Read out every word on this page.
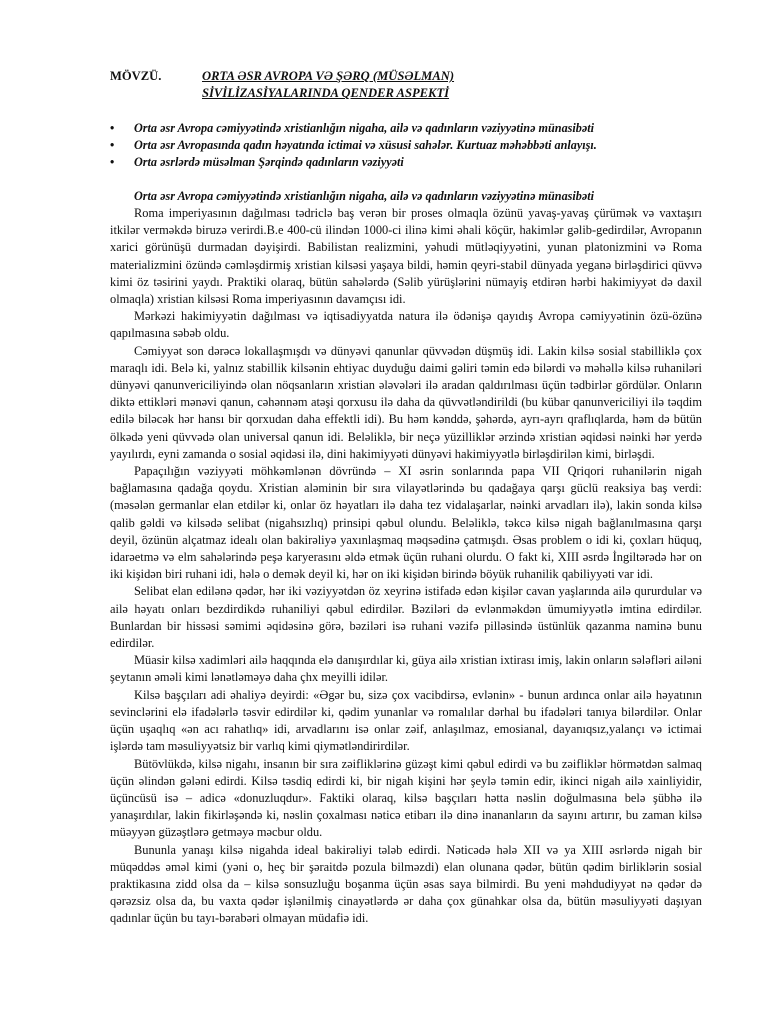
MÖVZÜ.	ORTA ƏSR AVROPA VƏ ŞƏRQ (MÜSƏLMAN)
SİVİLİZASİYALARINDA QENDER ASPEKTİ
• Orta əsr Avropa cəmiyyətində xristianlığın nigaha, ailə və qadınların vəziyyətinə münasibəti
• Orta əsr Avropasında qadın həyatında ictimai və xüsusi sahələr. Kurtuaz məhəbbəti anlayışı.
• Orta əsrlərdə müsəlman Şərqində qadınların vəziyyəti
Orta əsr Avropa cəmiyyətində xristianlığın nigaha, ailə və qadınların vəziyyətinə münasibəti

Roma imperiyasının dağılması tədriclə baş verən bir proses olmaqla özünü yavaş-yavaş çürümək və vaxtaşırı itkilər verməkdə biruzə verirdi.B.e 400-cü ilindən 1000-ci ilinə kimi əhali köçür, hakimlər gəlib-gedirdilər, Avropanın xarici görünüşü durmadan dəyişirdi. Babilistan realizmini, yəhudi mütləqiyyətini, yunan platonizmini və Roma materializmini özündə cəmləşdirmiş xristian kilsəsi yaşaya bildi, həmin qeyri-stabil dünyada yeganə birləşdirici qüvvə kimi öz təsirini yaydı. Praktiki olaraq, bütün sahələrdə (Səlib yürüşlərini nümayiş etdirən hərbi hakimiyyət də daxil olmaqla) xristian kilsəsi Roma imperiyasının davamçısı idi.

Mərkəzi hakimiyyətin dağılması və iqtisadiyyatda natura ilə ödənişə qayıdış Avropa cəmiyyətinin özü-özünə qapılmasına səbəb oldu.

Cəmiyyət son dərəcə lokallaşmışdı və dünyəvi qanunlar qüvvədən düşmüş idi. Lakin kilsə sosial stabilliklə çox maraqlı idi. Belə ki, yalnız stabillik kilsənin ehtiyac duyduğu daimi gəliri təmin edə bilərdi və məhəllə kilsə ruhaniləri dünyəvi qanunvericiliyində olan nöqsanların xristian ələvələri ilə aradan qaldırılması üçün tədbirlər gördülər. Onların diktə ettikləri mənəvi qanun, cəhənnəm atəşi qorxusu ilə daha da qüvvətləndirildi (bu kübar qanunvericiliyi ilə təqdim edilə biləcək hər hansı bir qorxudan daha effektli idi). Bu həm kənddə, şəhərdə, ayrı-ayrı qraflıqlarda, həm də bütün ölkədə yeni qüvvədə olan universal qanun idi. Beləliklə, bir neçə yüzilliklər ərzində xristian əqidəsi nəinki hər yerdə yayılırdı, eyni zamanda o sosial əqidəsi ilə, dini hakimiyyəti dünyəvi hakimiyyətlə birləşdirilən kimi, birləşdi.

Papaçılığın vəziyyəti möhkəmlənən dövründə – XI əsrin sonlarında papa VII Qriqori ruhanilərin nigah bağlamasına qadağa qoydu. Xristian aləminin bir sıra vilayətlərində bu qadağaya qarşı güclü reaksiya baş verdi: (məsələn germanlar elan etdilər ki, onlar öz həyatları ilə daha tez vidalaşarlar, nəinki arvadları ilə), lakin sonda kilsə qalib gəldi və kilsədə selibat (nigahsızlıq) prinsipi qəbul olundu. Beləliklə, təkcə kilsə nigah bağlanılmasına qarşı deyil, özünün alçatmaz idealı olan bakirəliyə yaxınlaşmaq məqsədinə çatmışdı. Əsas problem o idi ki, çoxları hüquq, idarəetmə və elm sahələrində peşə karyerasını əldə etmək üçün ruhani olurdu. O fakt ki, XIII əsrdə İngiltərədə hər on iki kişidən biri ruhani idi, hələ o demək deyil ki, hər on iki kişidən birində böyük ruhanilik qabiliyyəti var idi.

Selibat elan edilənə qədər, hər iki vəziyyətdən öz xeyrinə istifadə edən kişilər cavan yaşlarında ailə qururdular və ailə həyatı onları bezdirdikdə ruhaniliyi qəbul edirdilər. Bəziləri də evlənməkdən ümumiyyətlə imtina edirdilər. Bunlardan bir hissəsi səmimi əqidəsinə görə, bəziləri isə ruhani vəzifə pilləsində üstünlük qazanma naminə bunu edirdilər.

Müasir kilsə xadimləri ailə haqqında elə danışırdılar ki, güya ailə xristian ixtirası imiş, lakin onların sələfləri ailəni şeytanın əməli kimi lənətləməyə daha çhx meyilli idilər.

Kilsə başçıları adi əhaliyə deyirdi: «Əgər bu, sizə çox vacibdirsə, evlənin» - bunun ardınca onlar ailə həyatının sevinclərini elə ifadələrlə təsvir edirdilər ki, qədim yunanlar və romalılar dərhal bu ifadələri tanıya bilərdilər. Onlar üçün uşaqlıq «ən acı rahatlıq» idi, arvadlarını isə onlar zəif, anlaşılmaz, emosianal, dayanıqsız,yalançı və ictimai işlərdə tam məsuliyyətsiz bir varlıq kimi qiymətləndirirdilər.

Bütövlükdə, kilsə nigahı, insanın bir sıra zəifliklərinə güzəşt kimi qəbul edirdi və bu zəifliklər hörmətdən salmaq üçün əlindən gələni edirdi. Kilsə təsdiq edirdi ki, bir nigah kişini hər şeylə təmin edir, ikinci nigah ailə xainliyidir, üçüncüsü isə – adicə «donuzluqdur». Faktiki olaraq, kilsə başçıları hətta nəslin doğulmasına belə şübhə ilə yanaşırdılar, lakin fikirləşəndə ki, nəslin çoxalması nəticə etibarı ilə dinə inananların da sayını artırır, bu zaman kilsə müəyyən güzəştlərə getməyə məcbur oldu.

Bununla yanaşı kilsə nigahda ideal bakirəliyi tələb edirdi. Nəticədə hələ XII və ya XIII əsrlərdə nigah bir müqəddəs əməl kimi (yəni o, heç bir şəraitdə pozula bilməzdi) elan olunana qədər, bütün qədim birliklərin sosial praktikasına zidd olsa da – kilsə sonsuzluğu boşanma üçün əsas saya bilmirdi. Bu yeni məhdudiyyət nə qədər də qərəzsiz olsa da, bu vaxta qədər işlənilmiş cinayətlərdə ər daha çox günahkar olsa da, bütün məsuliyyəti daşıyan qadınlar üçün bu tayı-bərabəri olmayan müdafiə idi.
